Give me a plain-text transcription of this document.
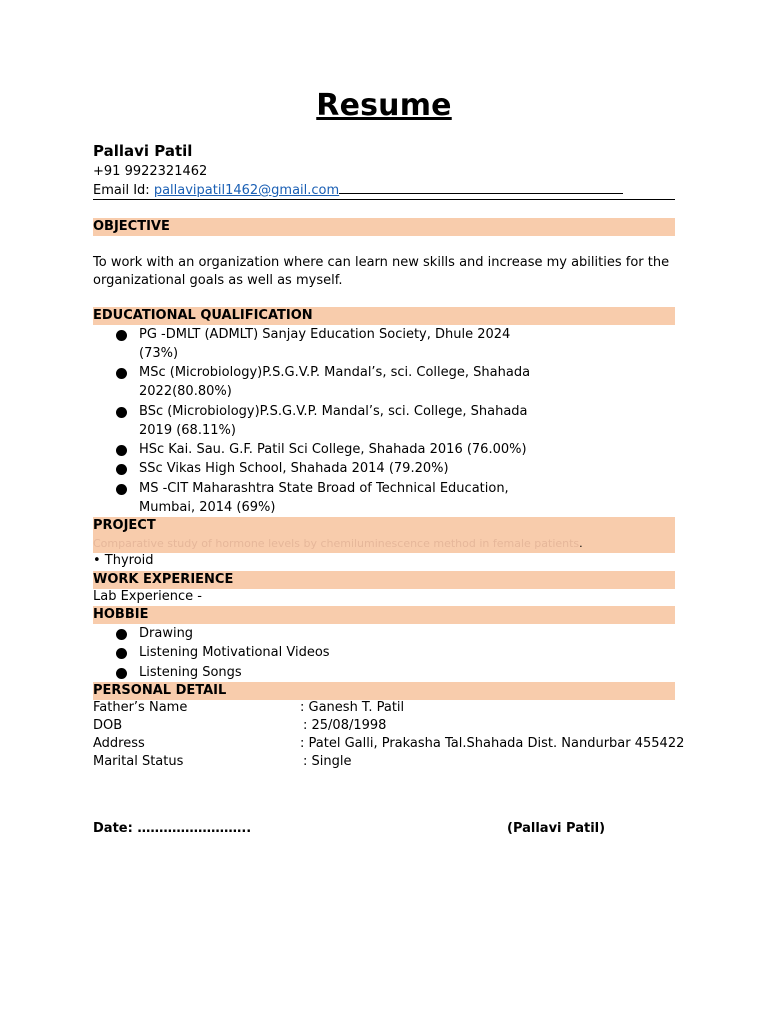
Resume
Pallavi Patil
+91 9922321462
Email Id: pallavipatil1462@gmail.com
OBJECTIVE
To work with an organization where can learn new skills and increase my abilities for the organizational goals as well as myself.
EDUCATIONAL QUALIFICATION
PG -DMLT (ADMLT) Sanjay Education Society, Dhule 2024 (73%)
MSc (Microbiology)P.S.G.V.P. Mandal’s, sci. College, Shahada 2022(80.80%)
BSc (Microbiology)P.S.G.V.P. Mandal’s, sci. College, Shahada 2019 (68.11%)
HSc Kai. Sau. G.F. Patil Sci College, Shahada 2016 (76.00%)
SSc Vikas High School, Shahada 2014 (79.20%)
MS -CIT Maharashtra State Broad of Technical Education, Mumbai, 2014 (69%)
PROJECT
Comparative study of hormone levels by chemiluminescence method in female patients.
• Thyroid
WORK EXPERIENCE
Lab Experience -
HOBBIE
Drawing
Listening Motivational Videos
Listening Songs
PERSONAL DETAIL
Father’s Name	: Ganesh T. Patil
DOB	: 25/08/1998
Address	: Patel Galli, Prakasha Tal.Shahada Dist. Nandurbar 455422
Marital Status	: Single
Date: ……………………..	(Pallavi Patil)
